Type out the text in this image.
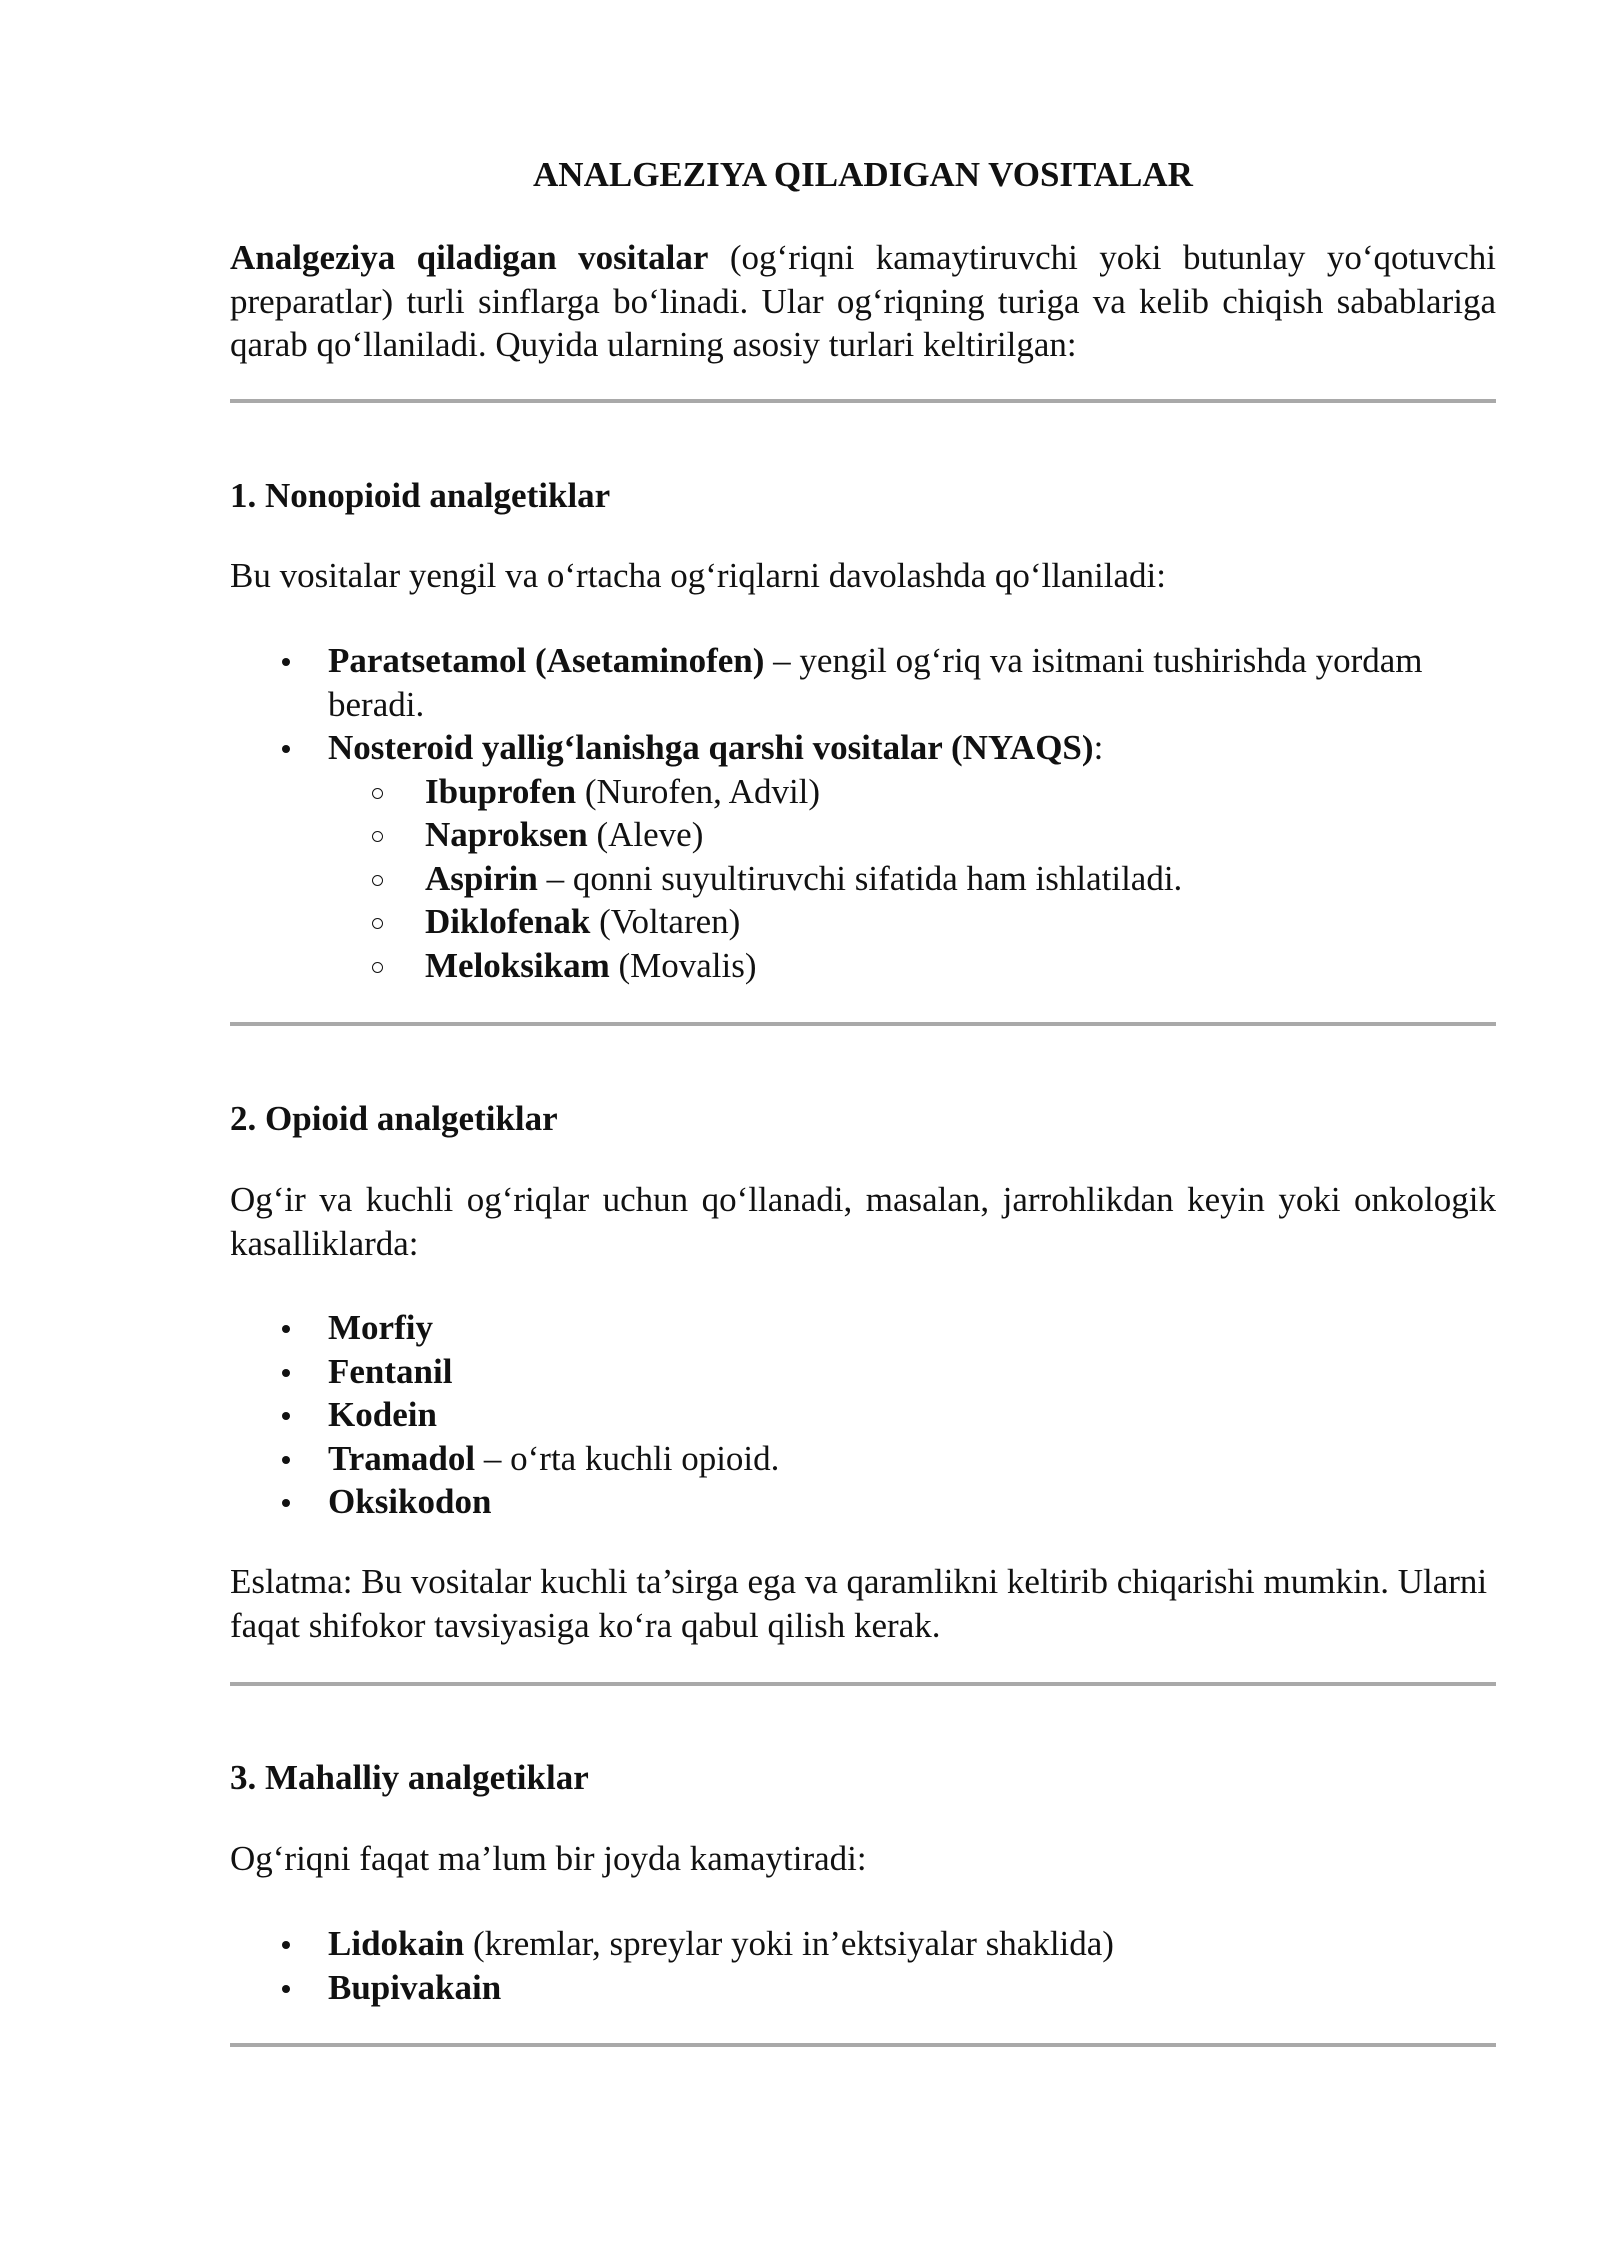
ANALGEZIYA QILADIGAN VOSITALAR

Analgeziya qiladigan vositalar (ogʻriqni kamaytiruvchi yoki butunlay yoʻqotuvchi preparatlar) turli sinflarga boʻlinadi. Ular ogʻriqning turiga va kelib chiqish sabablariga qarab qoʻllaniladi. Quyida ularning asosiy turlari keltirilgan:

1. Nonopioid analgetiklar

Bu vositalar yengil va oʻrtacha ogʻriqlarni davolashda qoʻllaniladi:

Paratsetamol (Asetaminofen) – yengil ogʻriq va isitmani tushirishda yordam beradi.
Nosteroid yalligʻlanishga qarshi vositalar (NYAQS):
Ibuprofen (Nurofen, Advil)
Naproksen (Aleve)
Aspirin – qonni suyultiruvchi sifatida ham ishlatiladi.
Diklofenak (Voltaren)
Meloksikam (Movalis)
2. Opioid analgetiklar

Ogʻir va kuchli ogʻriqlar uchun qoʻllanadi, masalan, jarrohlikdan keyin yoki onkologik kasalliklarda:

Morfiy
Fentanil
Kodein
Tramadol – oʻrta kuchli opioid.
Oksikodon

Eslatma: Bu vositalar kuchli ta’sirga ega va qaramlikni keltirib chiqarishi mumkin. Ularni faqat shifokor tavsiyasiga koʻra qabul qilish kerak.

3. Mahalliy analgetiklar

Ogʻriqni faqat ma’lum bir joyda kamaytiradi:

Lidokain (kremlar, spreylar yoki in’ektsiyalar shaklida)
Bupivakain
